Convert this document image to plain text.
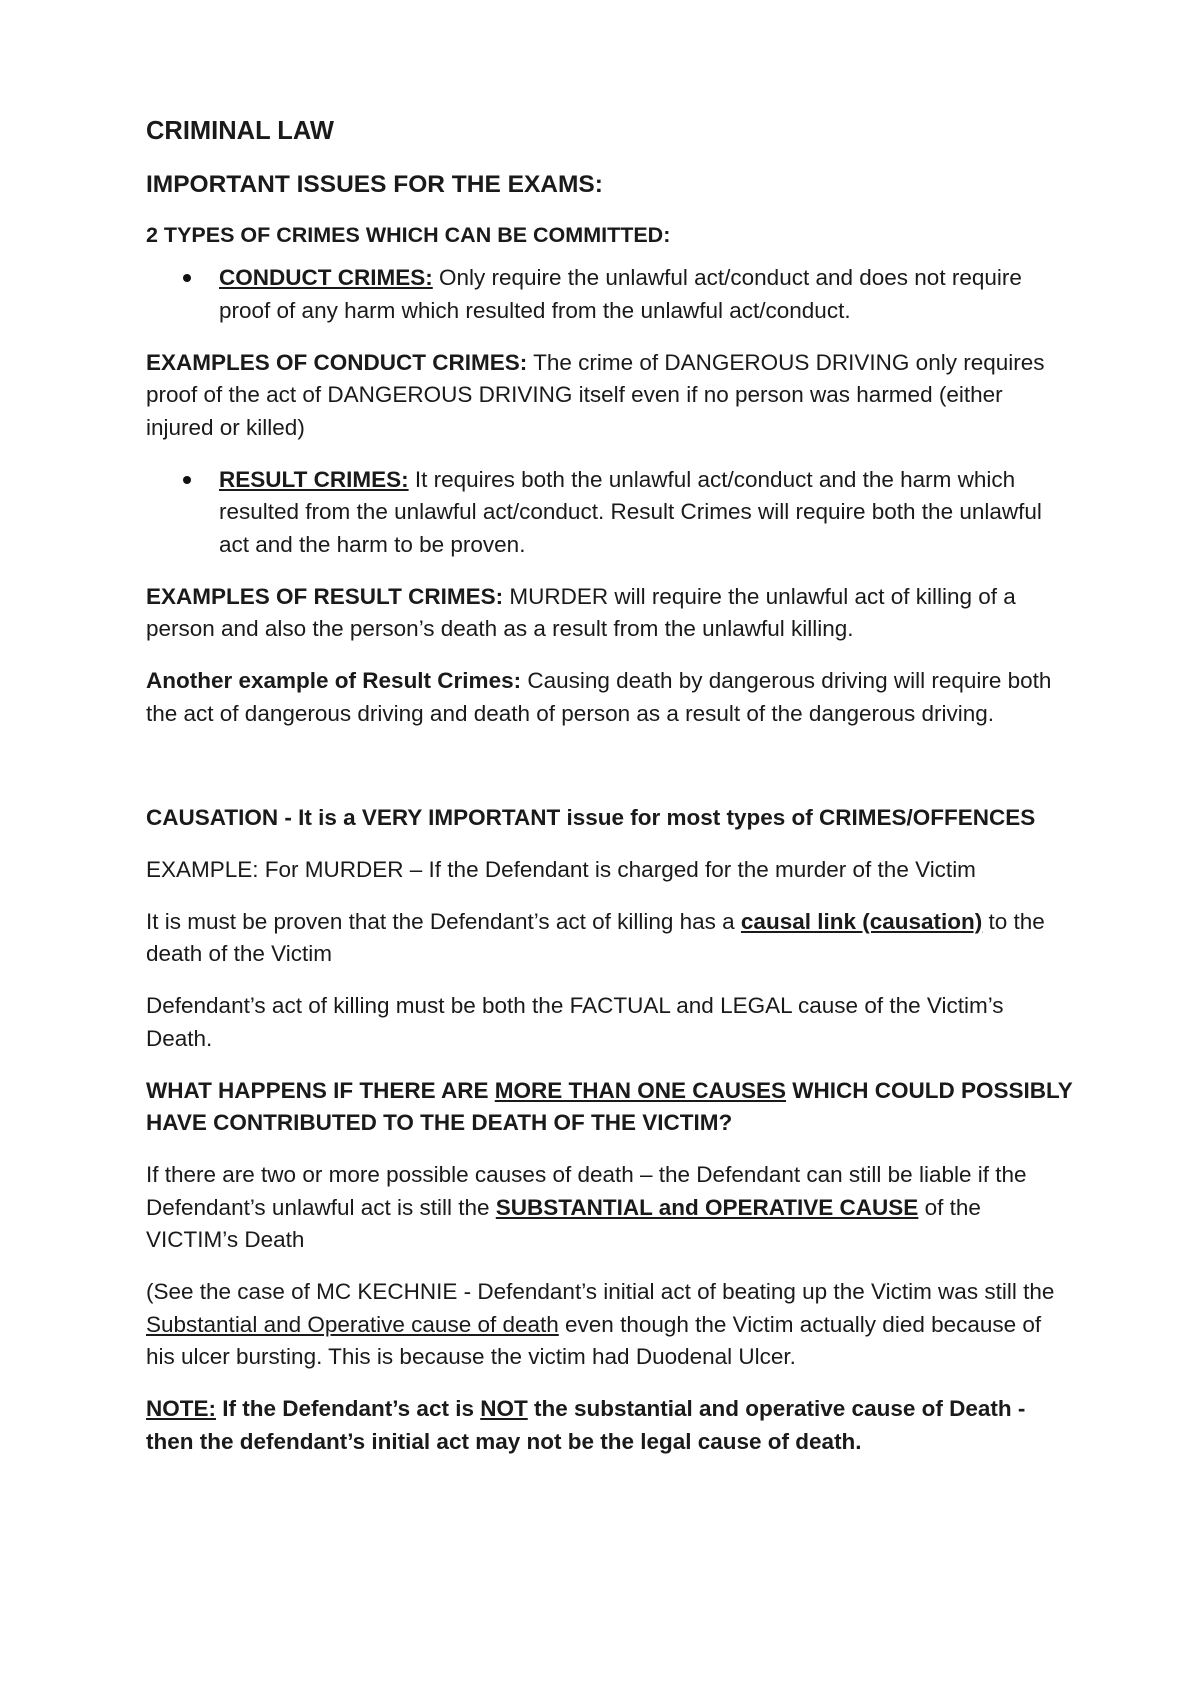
CRIMINAL LAW

IMPORTANT ISSUES FOR THE EXAMS:

2 TYPES OF CRIMES WHICH CAN BE COMMITTED:

CONDUCT CRIMES: Only require the unlawful act/conduct and does not require proof of any harm which resulted from the unlawful act/conduct.

EXAMPLES OF CONDUCT CRIMES: The crime of DANGEROUS DRIVING only requires proof of the act of DANGEROUS DRIVING itself even if no person was harmed (either injured or killed)

RESULT CRIMES: It requires both the unlawful act/conduct and the harm which resulted from the unlawful act/conduct. Result Crimes will require both the unlawful act and the harm to be proven.

EXAMPLES OF RESULT CRIMES: MURDER will require the unlawful act of killing of a person and also the person’s death as a result from the unlawful killing.

Another example of Result Crimes: Causing death by dangerous driving will require both the act of dangerous driving and death of person as a result of the dangerous driving.

CAUSATION - It is a VERY IMPORTANT issue for most types of CRIMES/OFFENCES

EXAMPLE: For MURDER – If the Defendant is charged for the murder of the Victim

It is must be proven that the Defendant’s act of killing has a causal link (causation) to the death of the Victim

Defendant’s act of killing must be both the FACTUAL and LEGAL cause of the Victim’s Death.

WHAT HAPPENS IF THERE ARE MORE THAN ONE CAUSES WHICH COULD POSSIBLY HAVE CONTRIBUTED TO THE DEATH OF THE VICTIM?

If there are two or more possible causes of death – the Defendant can still be liable if the Defendant’s unlawful act is still the SUBSTANTIAL and OPERATIVE CAUSE of the VICTIM’s Death

(See the case of MC KECHNIE - Defendant’s initial act of beating up the Victim was still the Substantial and Operative cause of death even though the Victim actually died because of his ulcer bursting. This is because the victim had Duodenal Ulcer.

NOTE: If the Defendant’s act is NOT the substantial and operative cause of Death - then the defendant’s initial act may not be the legal cause of death.
